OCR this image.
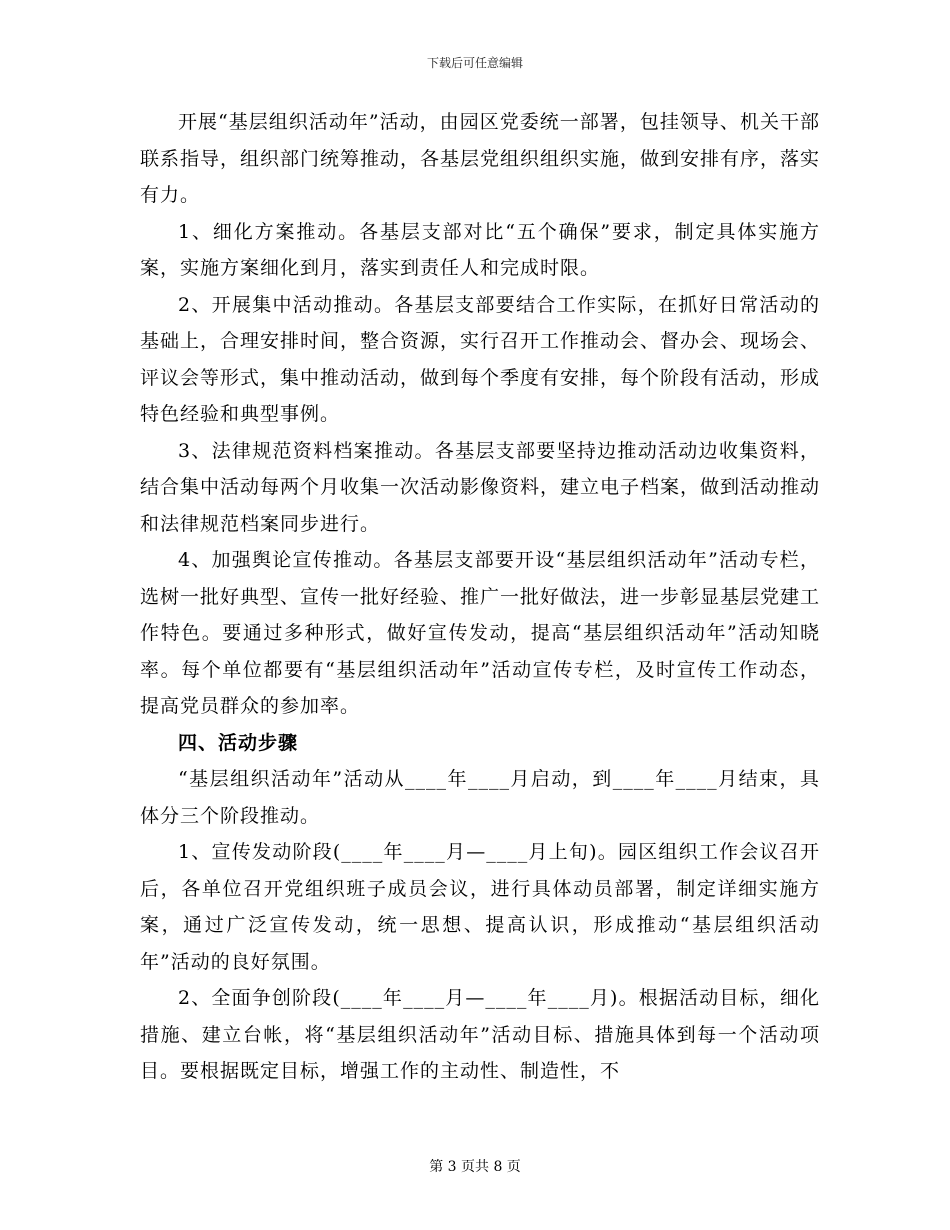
下载后可任意编辑

开展“基层组织活动年”活动，由园区党委统一部署，包挂领导、机关干部联系指导，组织部门统筹推动，各基层党组织组织实施，做到安排有序，落实有力。

1、细化方案推动。各基层支部对比“五个确保”要求，制定具体实施方案，实施方案细化到月，落实到责任人和完成时限。

2、开展集中活动推动。各基层支部要结合工作实际，在抓好日常活动的基础上，合理安排时间，整合资源，实行召开工作推动会、督办会、现场会、评议会等形式，集中推动活动，做到每个季度有安排，每个阶段有活动，形成特色经验和典型事例。

3、法律规范资料档案推动。各基层支部要坚持边推动活动边收集资料，结合集中活动每两个月收集一次活动影像资料，建立电子档案，做到活动推动和法律规范档案同步进行。

4、加强舆论宣传推动。各基层支部要开设“基层组织活动年”活动专栏，选树一批好典型、宣传一批好经验、推广一批好做法，进一步彰显基层党建工作特色。要通过多种形式，做好宣传发动，提高“基层组织活动年”活动知晓率。每个单位都要有“基层组织活动年”活动宣传专栏，及时宣传工作动态，提高党员群众的参加率。

四、活动步骤

“基层组织活动年”活动从____年____月启动，到____年____月结束，具体分三个阶段推动。

1、宣传发动阶段(____年____月—____月上旬)。园区组织工作会议召开后，各单位召开党组织班子成员会议，进行具体动员部署，制定详细实施方案，通过广泛宣传发动，统一思想、提高认识，形成推动“基层组织活动年”活动的良好氛围。

2、全面争创阶段(____年____月—____年____月)。根据活动目标，细化措施、建立台帐，将“基层组织活动年”活动目标、措施具体到每一个活动项目。要根据既定目标，增强工作的主动性、制造性，不

第 3 页共 8 页
